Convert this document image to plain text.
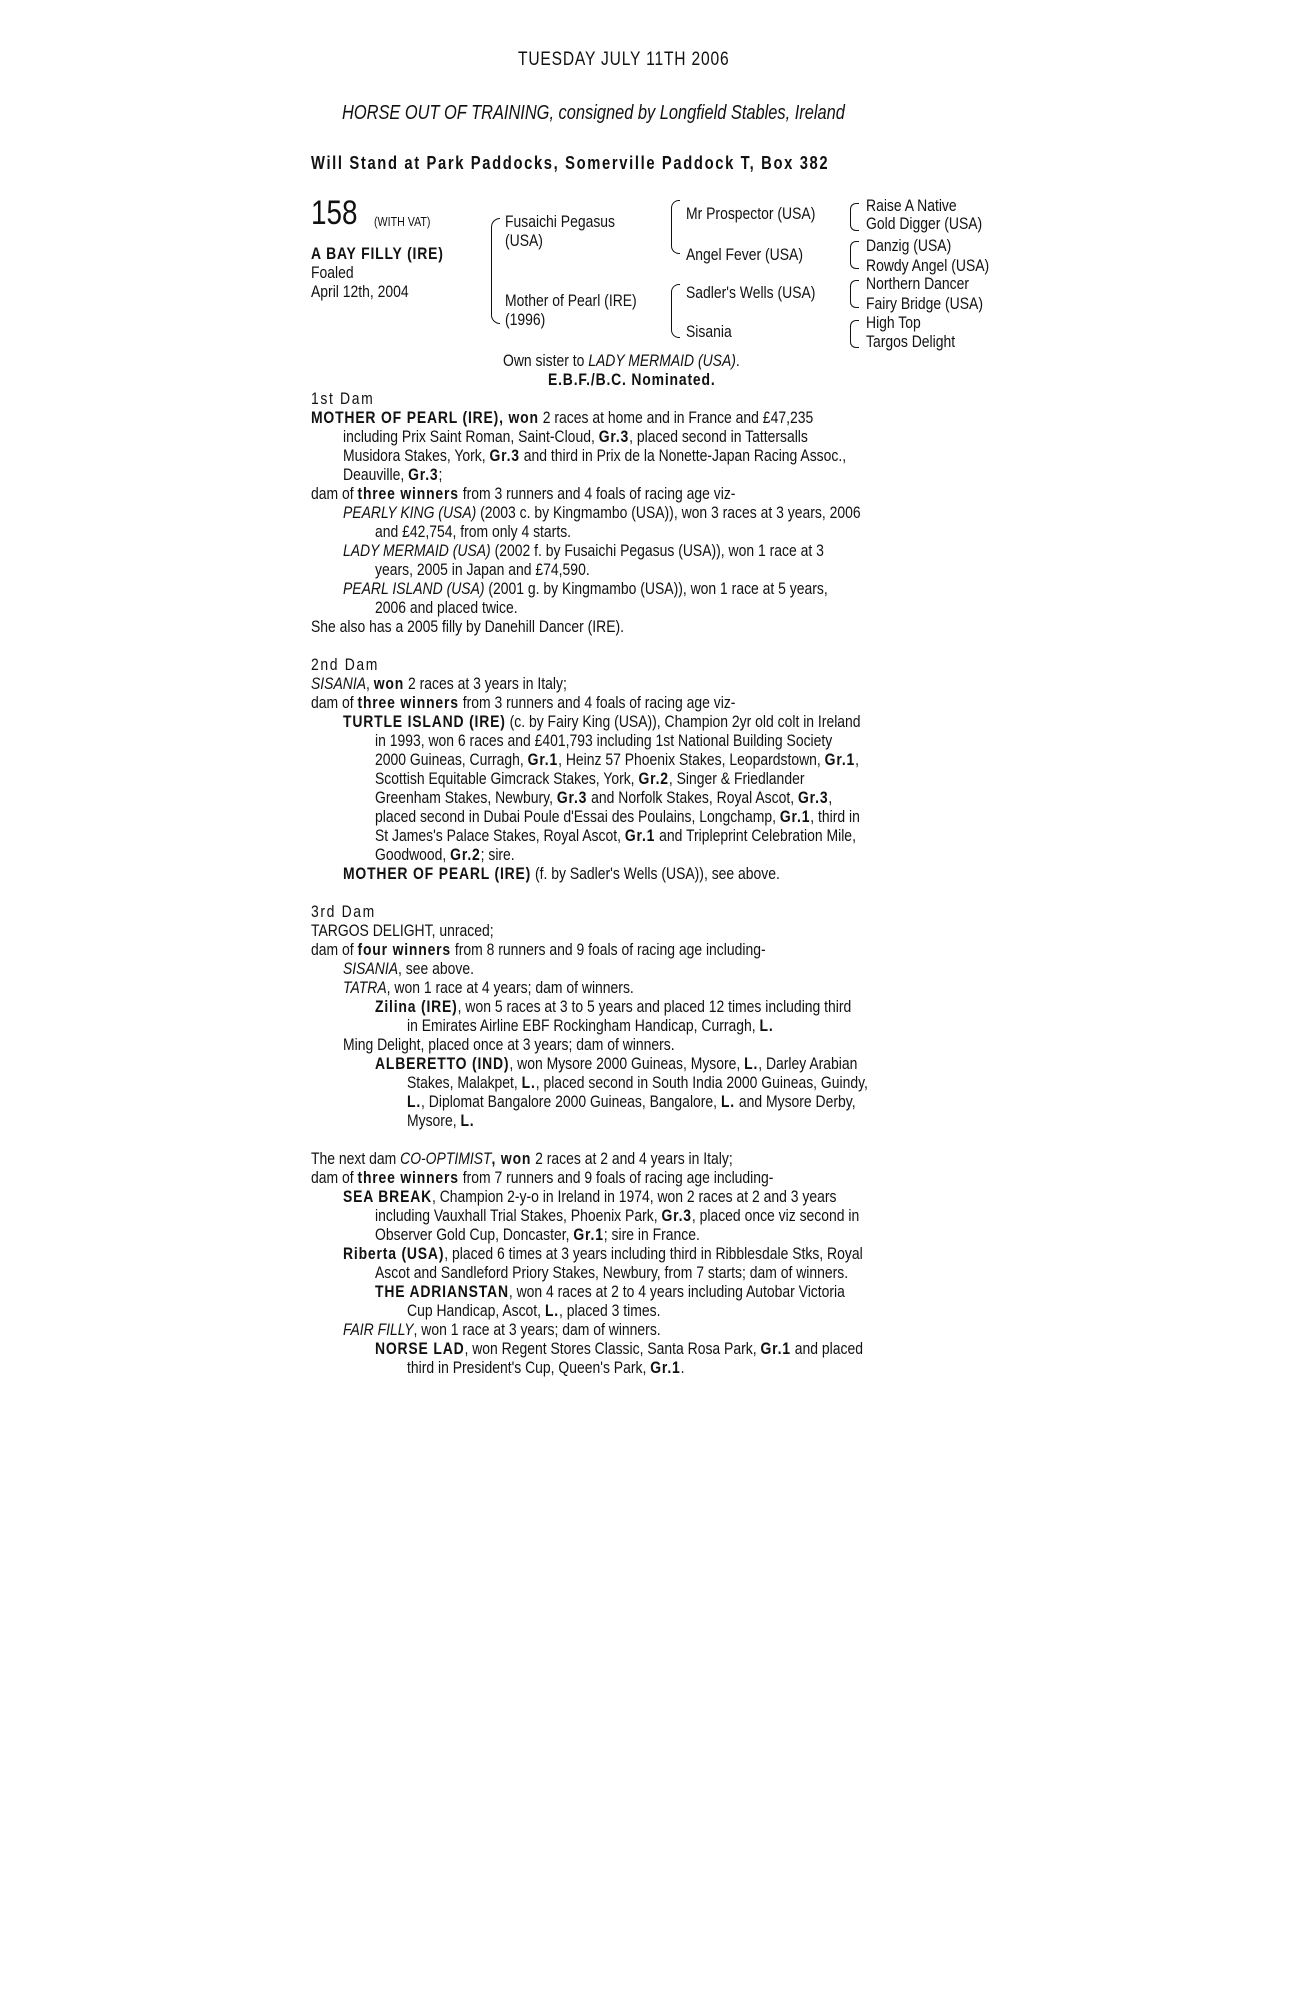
TUESDAY JULY 11TH 2006
HORSE OUT OF TRAINING, consigned by Longfield Stables, Ireland
Will Stand at Park Paddocks, Somerville Paddock T, Box 382
158 (WITH VAT)
A BAY FILLY (IRE)
Foaled
April 12th, 2004
Fusaichi Pegasus
(USA)
Mother of Pearl (IRE)
(1996)
Mr Prospector (USA)
Angel Fever (USA)
Sadler's Wells (USA)
Sisania
Raise A Native
Gold Digger (USA)
Danzig (USA)
Rowdy Angel (USA)
Northern Dancer
Fairy Bridge (USA)
High Top
Targos Delight
Own sister to LADY MERMAID (USA).
E.B.F./B.C. Nominated.
1st Dam
MOTHER OF PEARL (IRE), won 2 races at home and in France and £47,235
including Prix Saint Roman, Saint-Cloud, Gr.3, placed second in Tattersalls
Musidora Stakes, York, Gr.3 and third in Prix de la Nonette-Japan Racing Assoc.,
Deauville, Gr.3;
dam of three winners from 3 runners and 4 foals of racing age viz-
PEARLY KING (USA) (2003 c. by Kingmambo (USA)), won 3 races at 3 years, 2006
and £42,754, from only 4 starts.
LADY MERMAID (USA) (2002 f. by Fusaichi Pegasus (USA)), won 1 race at 3
years, 2005 in Japan and £74,590.
PEARL ISLAND (USA) (2001 g. by Kingmambo (USA)), won 1 race at 5 years,
2006 and placed twice.
She also has a 2005 filly by Danehill Dancer (IRE).
2nd Dam
SISANIA, won 2 races at 3 years in Italy;
dam of three winners from 3 runners and 4 foals of racing age viz-
TURTLE ISLAND (IRE) (c. by Fairy King (USA)), Champion 2yr old colt in Ireland
in 1993, won 6 races and £401,793 including 1st National Building Society
2000 Guineas, Curragh, Gr.1, Heinz 57 Phoenix Stakes, Leopardstown, Gr.1,
Scottish Equitable Gimcrack Stakes, York, Gr.2, Singer & Friedlander
Greenham Stakes, Newbury, Gr.3 and Norfolk Stakes, Royal Ascot, Gr.3,
placed second in Dubai Poule d'Essai des Poulains, Longchamp, Gr.1, third in
St James's Palace Stakes, Royal Ascot, Gr.1 and Tripleprint Celebration Mile,
Goodwood, Gr.2; sire.
MOTHER OF PEARL (IRE) (f. by Sadler's Wells (USA)), see above.
3rd Dam
TARGOS DELIGHT, unraced;
dam of four winners from 8 runners and 9 foals of racing age including-
SISANIA, see above.
TATRA, won 1 race at 4 years; dam of winners.
Zilina (IRE), won 5 races at 3 to 5 years and placed 12 times including third
in Emirates Airline EBF Rockingham Handicap, Curragh, L.
Ming Delight, placed once at 3 years; dam of winners.
ALBERETTO (IND), won Mysore 2000 Guineas, Mysore, L., Darley Arabian
Stakes, Malakpet, L., placed second in South India 2000 Guineas, Guindy,
L., Diplomat Bangalore 2000 Guineas, Bangalore, L. and Mysore Derby,
Mysore, L.
The next dam CO-OPTIMIST, won 2 races at 2 and 4 years in Italy;
dam of three winners from 7 runners and 9 foals of racing age including-
SEA BREAK, Champion 2-y-o in Ireland in 1974, won 2 races at 2 and 3 years
including Vauxhall Trial Stakes, Phoenix Park, Gr.3, placed once viz second in
Observer Gold Cup, Doncaster, Gr.1; sire in France.
Riberta (USA), placed 6 times at 3 years including third in Ribblesdale Stks, Royal
Ascot and Sandleford Priory Stakes, Newbury, from 7 starts; dam of winners.
THE ADRIANSTAN, won 4 races at 2 to 4 years including Autobar Victoria
Cup Handicap, Ascot, L., placed 3 times.
FAIR FILLY, won 1 race at 3 years; dam of winners.
NORSE LAD, won Regent Stores Classic, Santa Rosa Park, Gr.1 and placed
third in President's Cup, Queen's Park, Gr.1.
